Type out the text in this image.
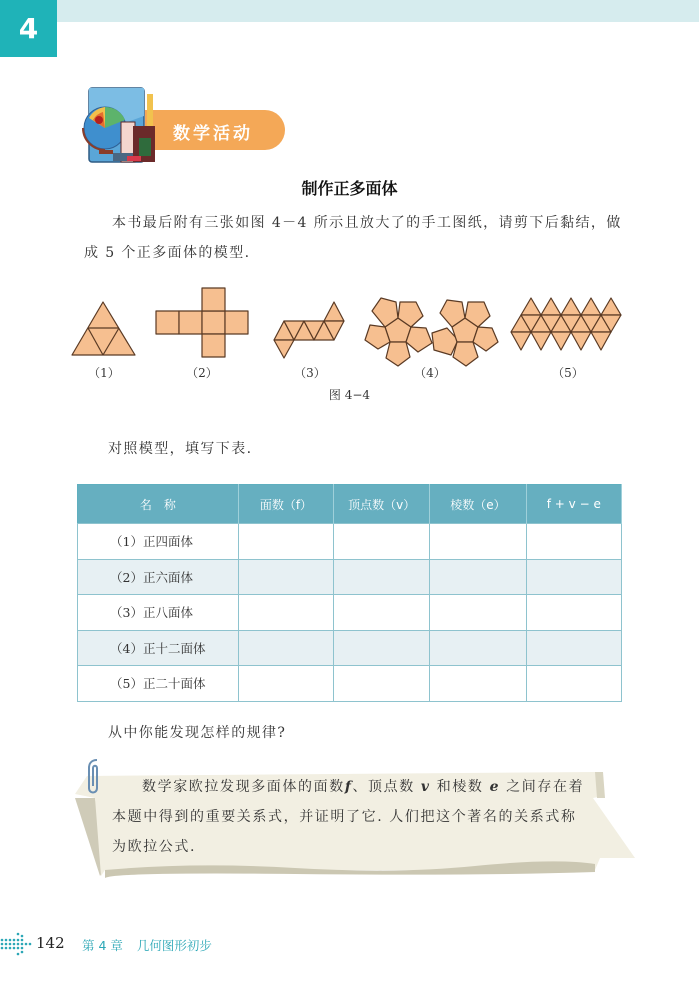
4
数学活动
制作正多面体
本书最后附有三张如图 4－4 所示且放大了的手工图纸，请剪下后黏结，做成 5 个正多面体的模型.
（1）	（2）	（3）	（4）	（5）
图 4−4
对照模型，填写下表.
名　称	面数（f）	顶点数（v）	棱数（e）	f + v − e
（1）正四面体				
（2）正六面体				
（3）正八面体				
（4）正十二面体				
（5）正二十面体				
从中你能发现怎样的规律?
数学家欧拉发现多面体的面数f、顶点数 v 和棱数 e 之间存在着本题中得到的重要关系式，并证明了它. 人们把这个著名的关系式称为欧拉公式.
142 第 4 章 几何图形初步
